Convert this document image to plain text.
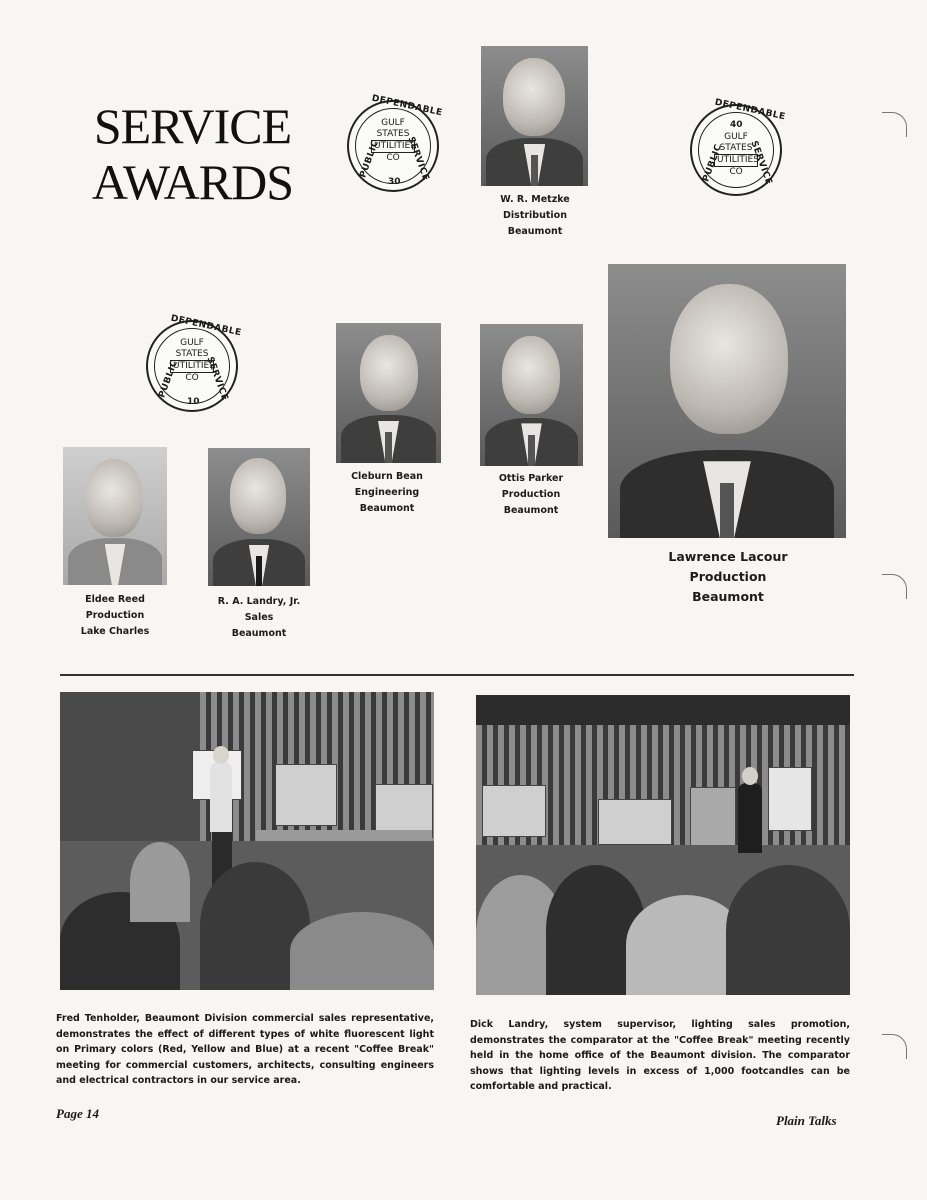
SERVICE
AWARDS
DEPENDABLE
PUBLIC	SERVICE
GULF
STATES
UTILITIES
CO
30
DEPENDABLE
PUBLIC	SERVICE
40
GULF
STATES
UTILITIES
CO
DEPENDABLE
PUBLIC	SERVICE
GULF
STATES
UTILITIES
CO
10
W. R. Metzke
Distribution
Beaumont
Lawrence Lacour
Production
Beaumont
Cleburn Bean
Engineering
Beaumont
Ottis Parker
Production
Beaumont
Eldee Reed
Production
Lake Charles
R. A. Landry, Jr.
Sales
Beaumont
Fred Tenholder, Beaumont Division commercial sales representative, demonstrates the effect of different types of white fluorescent light on Primary colors (Red, Yellow and Blue) at a recent "Coffee Break" meeting for commercial customers, architects, consulting engineers and electrical contractors in our service area.
Dick Landry, system supervisor, lighting sales promotion, demonstrates the comparator at the "Coffee Break" meeting recently held in the home office of the Beaumont division. The comparator shows that lighting levels in excess of 1,000 footcandles can be comfortable and practical.
Page 14	Plain Talks
